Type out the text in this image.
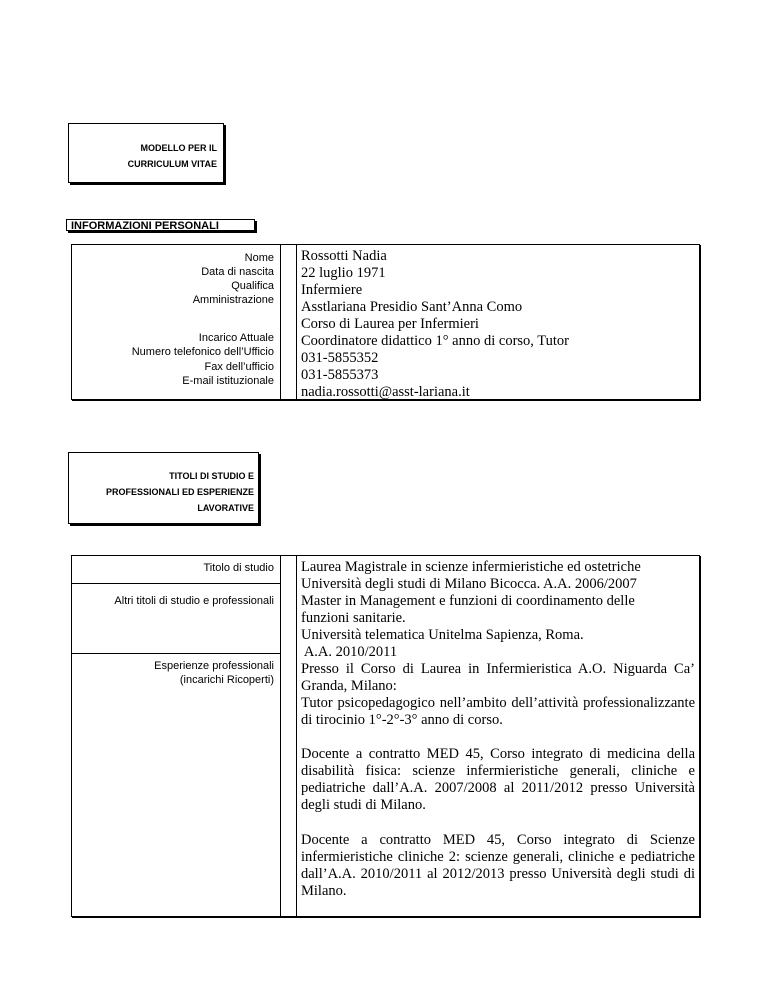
MODELLO PER IL
CURRICULUM VITAE
INFORMAZIONI PERSONALI
Nome
Data di nascita
Qualifica
Amministrazione
Incarico Attuale
Numero telefonico dell’Ufficio
Fax dell’ufficio
E-mail istituzionale
Rossotti Nadia
22 luglio 1971
Infermiere
Asstlariana Presidio Sant’Anna Como
Corso di Laurea per Infermieri
Coordinatore didattico 1° anno di corso, Tutor
031-5855352
031-5855373
nadia.rossotti@asst-lariana.it
TITOLI DI STUDIO E
PROFESSIONALI ED ESPERIENZE
LAVORATIVE
Titolo di studio
Altri titoli di studio e professionali
Esperienze professionali (incarichi Ricoperti)
Laurea Magistrale in scienze infermieristiche ed ostetriche
Università degli studi di Milano Bicocca. A.A. 2006/2007
Master in Management e funzioni di coordinamento delle
funzioni sanitarie.
Università telematica Unitelma Sapienza, Roma.
A.A. 2010/2011
Presso il Corso di Laurea in Infermieristica A.O. Niguarda Ca’ Granda, Milano:
Tutor psicopedagogico nell’ambito dell’attività professionalizzante di tirocinio 1°-2°-3° anno di corso.
Docente a contratto MED 45, Corso integrato di medicina della disabilità fisica: scienze infermieristiche generali, cliniche e pediatriche dall’A.A. 2007/2008 al 2011/2012 presso Università degli studi di Milano.
Docente a contratto MED 45, Corso integrato di Scienze infermieristiche cliniche 2: scienze generali, cliniche e pediatriche dall’A.A. 2010/2011 al 2012/2013 presso Università degli studi di Milano.
